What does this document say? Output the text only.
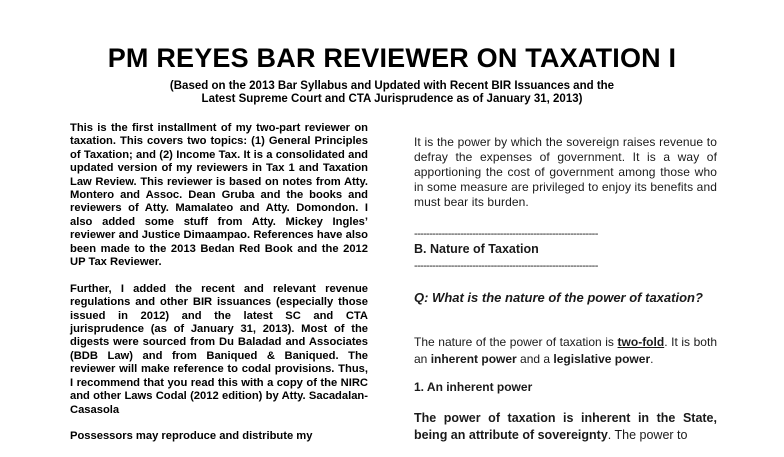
PM REYES BAR REVIEWER ON TAXATION I
(Based on the 2013 Bar Syllabus and Updated with Recent BIR Issuances and the
Latest Supreme Court and CTA Jurisprudence as of January 31, 2013)

This is the first installment of my two-part reviewer on taxation. This covers two topics: (1) General Principles of Taxation; and (2) Income Tax. It is a consolidated and updated version of my reviewers in Tax 1 and Taxation Law Review. This reviewer is based on notes from Atty. Montero and Assoc. Dean Gruba and the books and reviewers of Atty. Mamalateo and Atty. Domondon. I also added some stuff from Atty. Mickey Ingles’ reviewer and Justice Dimaampao. References have also been made to the 2013 Bedan Red Book and the 2012 UP Tax Reviewer.

Further, I added the recent and relevant revenue regulations and other BIR issuances (especially those issued in 2012) and the latest SC and CTA jurisprudence (as of January 31, 2013). Most of the digests were sourced from Du Baladad and Associates (BDB Law) and from Baniqued & Baniqued. The reviewer will make reference to codal provisions. Thus, I recommend that you read this with a copy of the NIRC and other Laws Codal (2012 edition) by Atty. Sacadalan-Casasola

Possessors may reproduce and distribute my

It is the power by which the sovereign raises revenue to defray the expenses of government. It is a way of apportioning the cost of government among those who in some measure are privileged to enjoy its benefits and must bear its burden.

------------------------------------------------------------
B. Nature of Taxation
------------------------------------------------------------
Q: What is the nature of the power of taxation?
The nature of the power of taxation is two-fold. It is both an inherent power and a legislative power.
1. An inherent power
The power of taxation is inherent in the State, being an attribute of sovereignty. The power to
